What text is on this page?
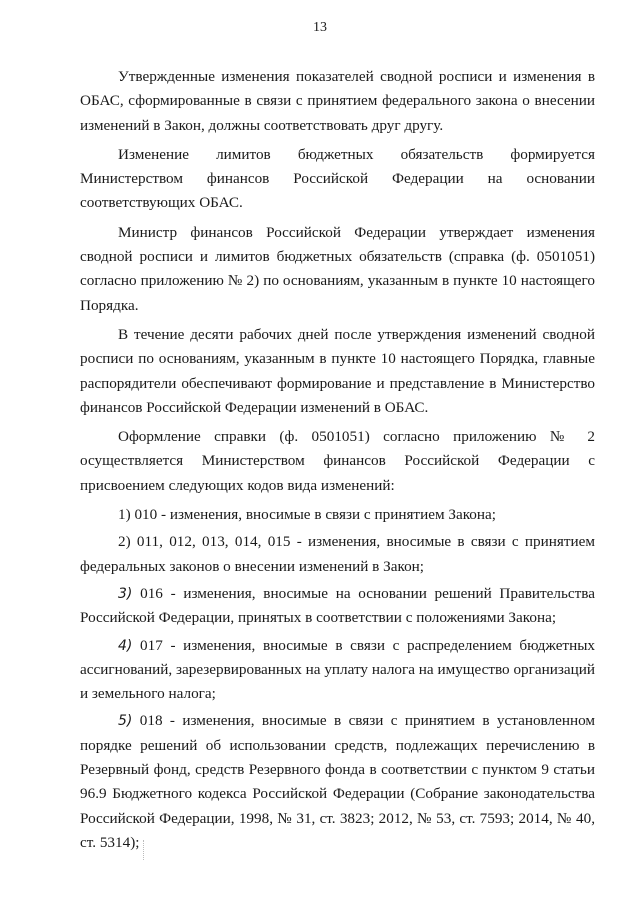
13

Утвержденные изменения показателей сводной росписи и изменения в ОБАС, сформированные в связи с принятием федерального закона о внесении изменений в Закон, должны соответствовать друг другу.

Изменение лимитов бюджетных обязательств формируется Министерством финансов Российской Федерации на основании соответствующих ОБАС.

Министр финансов Российской Федерации утверждает изменения сводной росписи и лимитов бюджетных обязательств (справка (ф. 0501051) согласно приложению № 2) по основаниям, указанным в пункте 10 настоящего Порядка.

В течение десяти рабочих дней после утверждения изменений сводной росписи по основаниям, указанным в пункте 10 настоящего Порядка, главные распорядители обеспечивают формирование и представление в Министерство финансов Российской Федерации изменений в ОБАС.

Оформление справки (ф. 0501051) согласно приложению № 2 осуществляется Министерством финансов Российской Федерации с присвоением следующих кодов вида изменений:

1) 010 - изменения, вносимые в связи с принятием Закона;

2) 011, 012, 013, 014, 015 - изменения, вносимые в связи с принятием федеральных законов о внесении изменений в Закон;

3) 016 - изменения, вносимые на основании решений Правительства Российской Федерации, принятых в соответствии с положениями Закона;

4) 017 - изменения, вносимые в связи с распределением бюджетных ассигнований, зарезервированных на уплату налога на имущество организаций и земельного налога;

5) 018 - изменения, вносимые в связи с принятием в установленном порядке решений об использовании средств, подлежащих перечислению в Резервный фонд, средств Резервного фонда в соответствии с пунктом 9 статьи 96.9 Бюджетного кодекса Российской Федерации (Собрание законодательства Российской Федерации, 1998, № 31, ст. 3823; 2012, № 53, ст. 7593; 2014, № 40, ст. 5314);
